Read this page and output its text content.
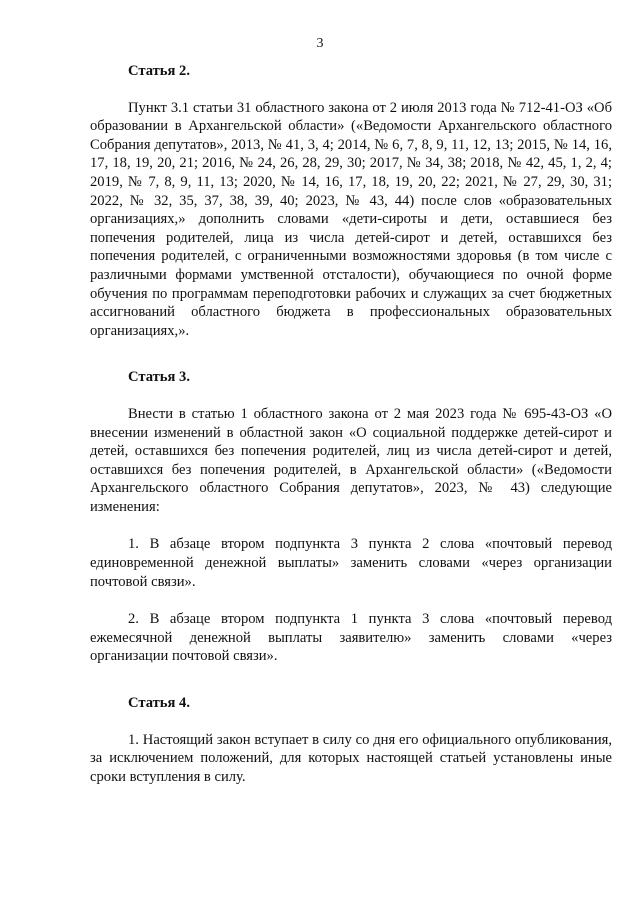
3
Статья 2.

Пункт 3.1 статьи 31 областного закона от 2 июля 2013 года № 712-41-ОЗ «Об образовании в Архангельской области» («Ведомости Архангельского областного Собрания депутатов», 2013, № 41, 3, 4; 2014, № 6, 7, 8, 9, 11, 12, 13; 2015, № 14, 16, 17, 18, 19, 20, 21; 2016, № 24, 26, 28, 29, 30; 2017, № 34, 38; 2018, № 42, 45, 1, 2, 4; 2019, № 7, 8, 9, 11, 13; 2020, № 14, 16, 17, 18, 19, 20, 22; 2021, № 27, 29, 30, 31; 2022, № 32, 35, 37, 38, 39, 40; 2023, № 43, 44) после слов «образовательных организациях,» дополнить словами «дети-сироты и дети, оставшиеся без попечения родителей, лица из числа детей-сирот и детей, оставшихся без попечения родителей, с ограниченными возможностями здоровья (в том числе с различными формами умственной отсталости), обучающиеся по очной форме обучения по программам переподготовки рабочих и служащих за счет бюджетных ассигнований областного бюджета в профессиональных образовательных организациях,».

Статья 3.

Внести в статью 1 областного закона от 2 мая 2023 года № 695-43-ОЗ «О внесении изменений в областной закон «О социальной поддержке детей-сирот и детей, оставшихся без попечения родителей, лиц из числа детей-сирот и детей, оставшихся без попечения родителей, в Архангельской области» («Ведомости Архангельского областного Собрания депутатов», 2023, № 43) следующие изменения:

1. В абзаце втором подпункта 3 пункта 2 слова «почтовый перевод единовременной денежной выплаты» заменить словами «через организации почтовой связи».

2. В абзаце втором подпункта 1 пункта 3 слова «почтовый перевод ежемесячной денежной выплаты заявителю» заменить словами «через организации почтовой связи».

Статья 4.

1. Настоящий закон вступает в силу со дня его официального опубликования, за исключением положений, для которых настоящей статьей установлены иные сроки вступления в силу.
